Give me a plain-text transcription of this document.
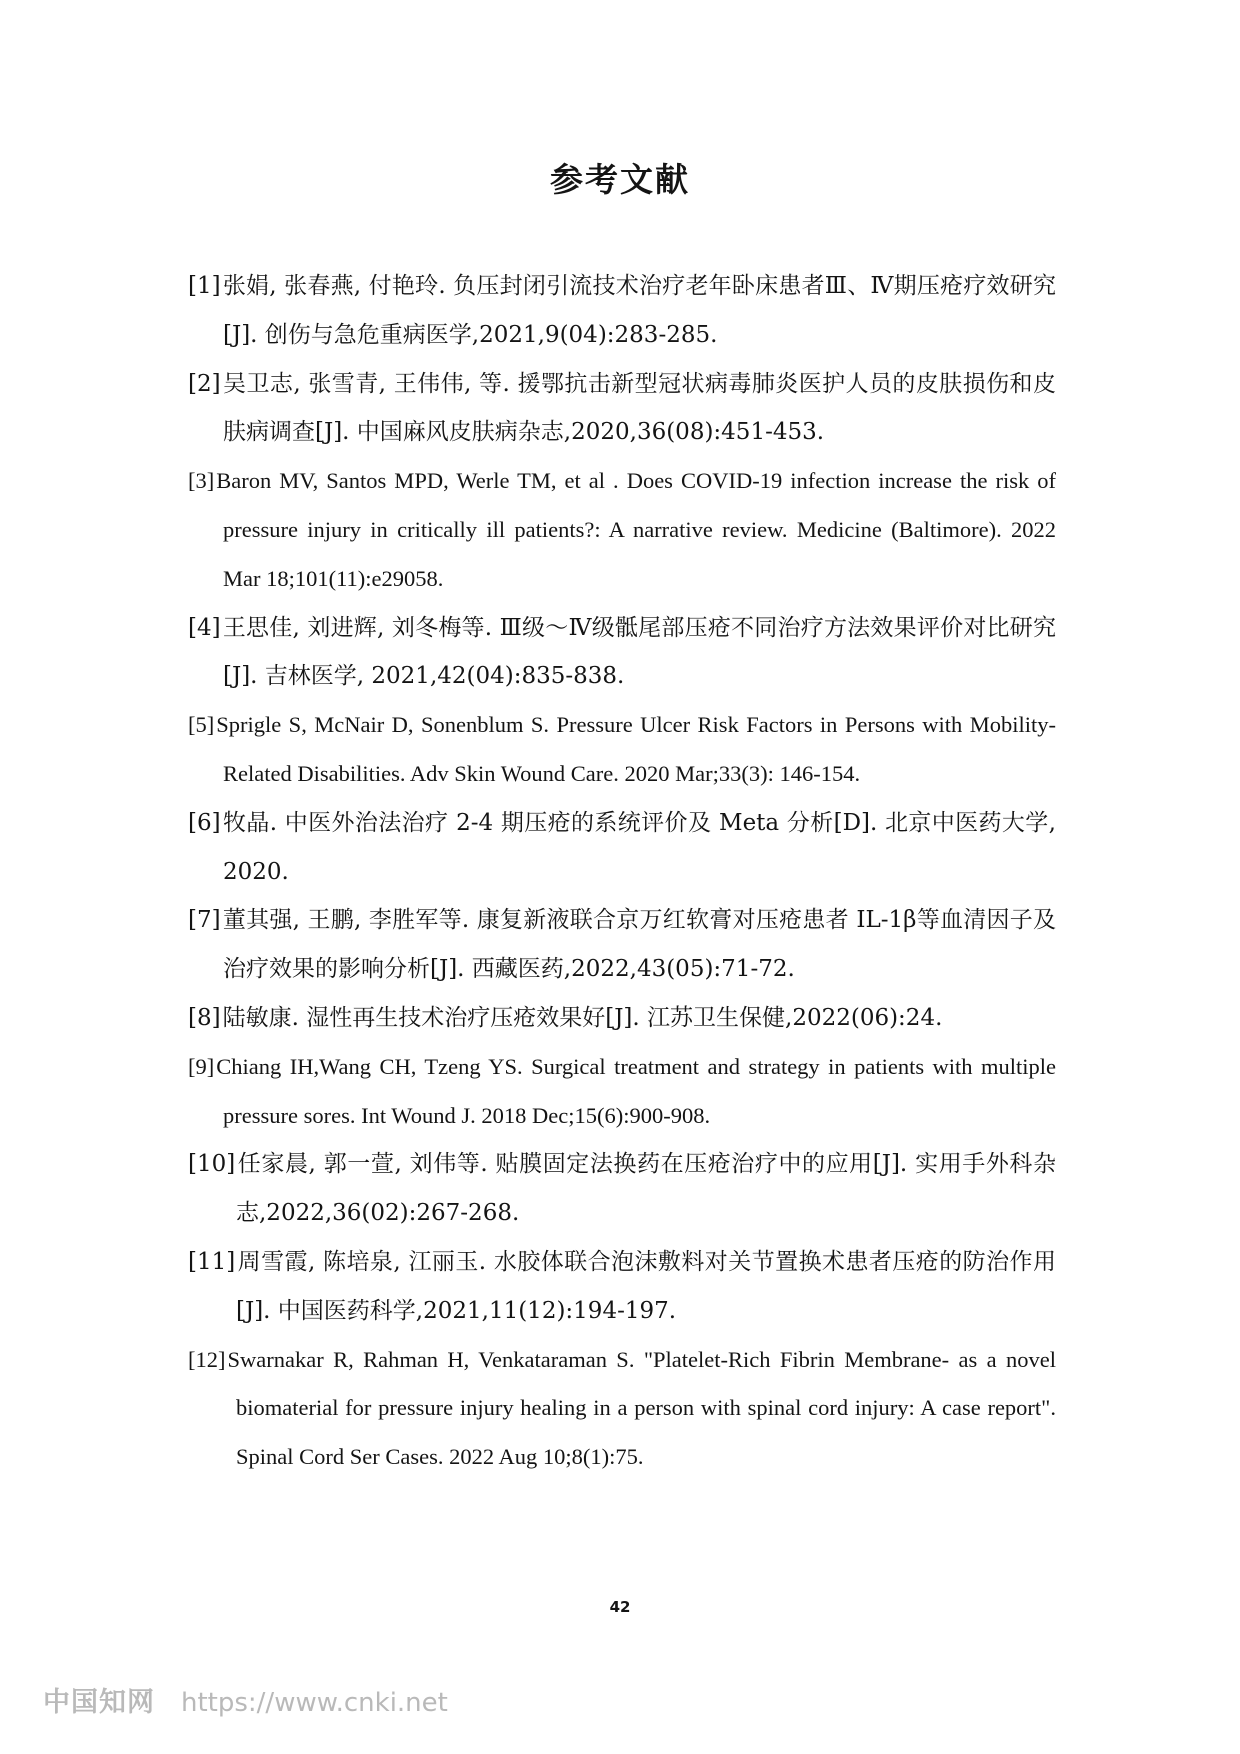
参考文献

[1]张娟, 张春燕, 付艳玲. 负压封闭引流技术治疗老年卧床患者Ⅲ、Ⅳ期压疮疗效研究[J]. 创伤与急危重病医学,2021,9(04):283-285.

[2]吴卫志, 张雪青, 王伟伟, 等. 援鄂抗击新型冠状病毒肺炎医护人员的皮肤损伤和皮肤病调查[J]. 中国麻风皮肤病杂志,2020,36(08):451-453.

[3]Baron MV, Santos MPD, Werle TM, et al . Does COVID-19 infection increase the risk of pressure injury in critically ill patients?: A narrative review. Medicine (Baltimore). 2022 Mar 18;101(11):e29058.

[4]王思佳, 刘进辉, 刘冬梅等. Ⅲ级～Ⅳ级骶尾部压疮不同治疗方法效果评价对比研究[J]. 吉林医学, 2021,42(04):835-838.

[5]Sprigle S, McNair D, Sonenblum S. Pressure Ulcer Risk Factors in Persons with Mobility-Related Disabilities. Adv Skin Wound Care. 2020 Mar;33(3): 146-154.

[6]牧晶. 中医外治法治疗 2-4 期压疮的系统评价及 Meta 分析[D]. 北京中医药大学, 2020.

[7]董其强, 王鹏, 李胜军等. 康复新液联合京万红软膏对压疮患者 IL-1β等血清因子及治疗效果的影响分析[J]. 西藏医药,2022,43(05):71-72.

[8]陆敏康. 湿性再生技术治疗压疮效果好[J]. 江苏卫生保健,2022(06):24.

[9]Chiang IH,Wang CH, Tzeng YS. Surgical treatment and strategy in patients with multiple pressure sores. Int Wound J. 2018 Dec;15(6):900-908.

[10]任家晨, 郭一萱, 刘伟等. 贴膜固定法换药在压疮治疗中的应用[J]. 实用手外科杂志,2022,36(02):267-268.

[11]周雪霞, 陈培泉, 江丽玉. 水胶体联合泡沫敷料对关节置换术患者压疮的防治作用[J]. 中国医药科学,2021,11(12):194-197.

[12]Swarnakar R, Rahman H, Venkataraman S. "Platelet-Rich Fibrin Membrane- as a novel biomaterial for pressure injury healing in a person with spinal cord injury: A case report". Spinal Cord Ser Cases. 2022 Aug 10;8(1):75.

42
中国知网 https://www.cnki.net
